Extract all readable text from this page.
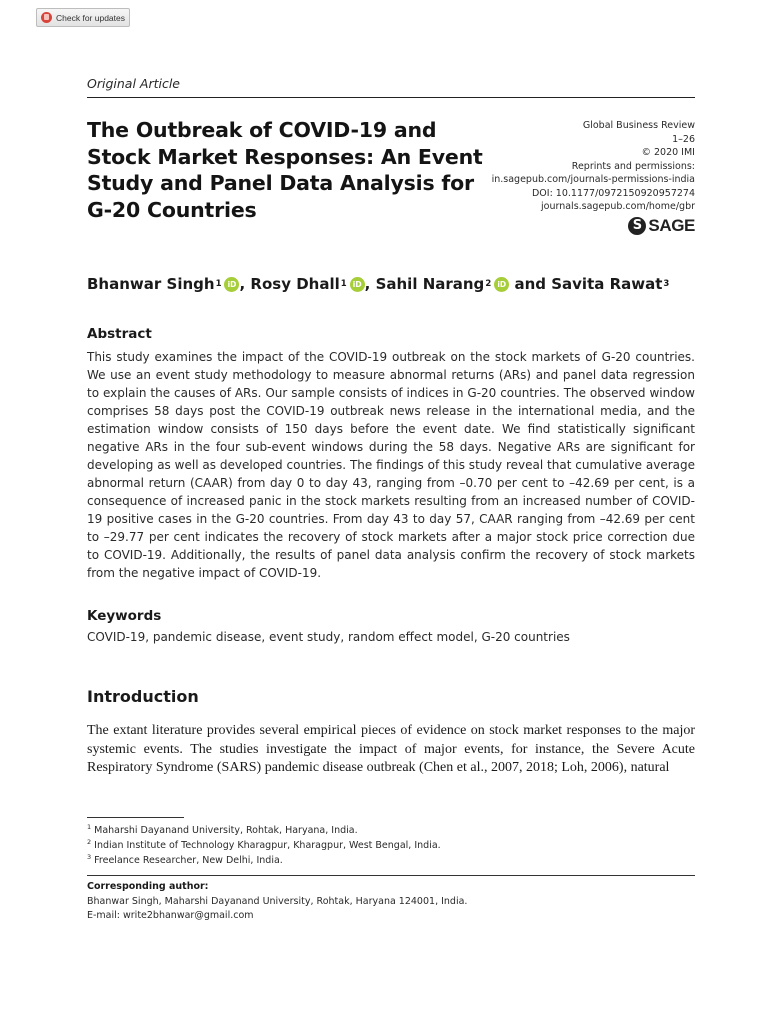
Check for updates
Original Article
The Outbreak of COVID-19 and Stock Market Responses: An Event Study and Panel Data Analysis for G-20 Countries
Global Business Review
1–26
© 2020 IMI
Reprints and permissions:
in.sagepub.com/journals-permissions-india
DOI: 10.1177/0972150920957274
journals.sagepub.com/home/gbr
S SAGE
Bhanwar Singh 1 iD , Rosy Dhall 1 iD , Sahil Narang 2 iD and Savita Rawat 3
Abstract

This study examines the impact of the COVID-19 outbreak on the stock markets of G-20 countries. We use an event study methodology to measure abnormal returns (ARs) and panel data regression to explain the causes of ARs. Our sample consists of indices in G-20 countries. The observed window comprises 58 days post the COVID-19 outbreak news release in the international media, and the estimation window consists of 150 days before the event date. We find statistically significant negative ARs in the four sub-event windows during the 58 days. Negative ARs are significant for developing as well as developed countries. The findings of this study reveal that cumulative average abnormal return (CAAR) from day 0 to day 43, ranging from –0.70 per cent to –42.69 per cent, is a consequence of increased panic in the stock markets resulting from an increased number of COVID-19 positive cases in the G-20 countries. From day 43 to day 57, CAAR ranging from –42.69 per cent to –29.77 per cent indicates the recovery of stock markets after a major stock price correction due to COVID-19. Additionally, the results of panel data analysis confirm the recovery of stock markets from the negative impact of COVID-19.

Keywords
COVID-19, pandemic disease, event study, random effect model, G-20 countries
Introduction

The extant literature provides several empirical pieces of evidence on stock market responses to the major systemic events. The studies investigate the impact of major events, for instance, the Severe Acute Respiratory Syndrome (SARS) pandemic disease outbreak (Chen et al., 2007, 2018; Loh, 2006), natural

$^1$ Maharshi Dayanand University, Rohtak, Haryana, India.
$^2$ Indian Institute of Technology Kharagpur, Kharagpur, West Bengal, India.
$^3$ Freelance Researcher, New Delhi, India.
Corresponding author:
Bhanwar Singh, Maharshi Dayanand University, Rohtak, Haryana 124001, India.
E-mail: write2bhanwar@gmail.com
